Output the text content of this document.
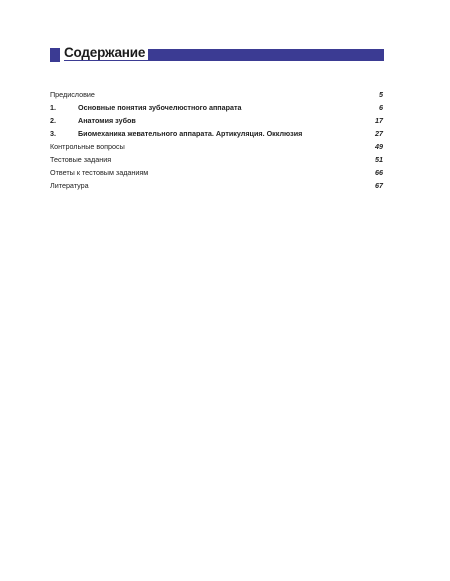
Содержание
Предисловие	5
1.	Основные понятия зубочелюстного аппарата	6
2.	Анатомия зубов	17
3.	Биомеханика жевательного аппарата. Артикуляция. Окклюзия	27
Контрольные вопросы	49
Тестовые задания	51
Ответы к тестовым заданиям	66
Литература	67
